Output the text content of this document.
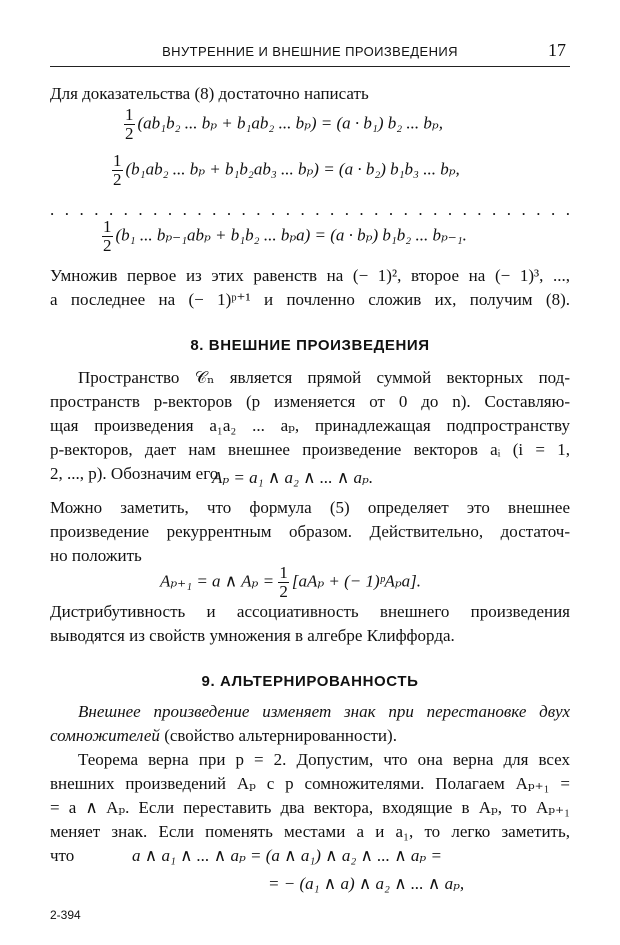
ВНУТРЕННИЕ И ВНЕШНИЕ ПРОИЗВЕДЕНИЯ	17
Для доказательства (8) достаточно написать
$\frac{1}{2} (ab_1b_2$ ... bₚ + b₁ab₂ ... bₚ) = (a · b₁) b₂ ... bₚ,
$\frac{1}{2} (b_1ab_2$ ... bₚ + b₁b₂ab₃ ... bₚ) = (a · b₂) b₁b₃ ... bₚ,
. . . . . . . . . . . . . . . . . . . . . . . . . . . . . . . . . . . .
$\frac{1}{2} (b_1$ ... bₚ₋₁abₚ + b₁b₂ ... bₚa) = (a · bₚ) b₁b₂ ... bₚ₋₁.
Умножив первое из этих равенств на (− 1)², второе на (− 1)³, ...,
а последнее на (− 1)ᵖ⁺¹ и почленно сложив их, получим (8).
8. ВНЕШНИЕ ПРОИЗВЕДЕНИЯ
Пространство 𝒞ₙ является прямой суммой векторных под-
пространств p-векторов (p изменяется от 0 до n). Составляю-
щая произведения a₁a₂ ... aₚ, принадлежащая подпространству
p-векторов, дает нам внешнее произведение векторов aᵢ (i = 1,
2, ..., p). Обозначим его
Aₚ = a₁ ∧ a₂ ∧ ... ∧ aₚ.
Можно заметить, что формула (5) определяет это внешнее
произведение рекуррентным образом. Действительно, достаточ-
но положить
Aₚ₊₁ = a ∧ $A_p = \frac{1}{2} [aA_p$ + (− 1)ᵖAₚa].
Дистрибутивность и ассоциативность внешнего произведения
выводятся из свойств умножения в алгебре Клиффорда.
9. АЛЬТЕРНИРОВАННОСТЬ
Внешнее произведение изменяет знак при перестановке двух
сомножителей (свойство альтернированности).
Теорема верна при p = 2. Допустим, что она верна для всех
внешних произведений Aₚ с p сомножителями. Полагаем Aₚ₊₁ =
= a ∧ Aₚ. Если переставить два вектора, входящие в Aₚ, то Aₚ₊₁
меняет знак. Если поменять местами a и a₁, то легко заметить,
что	a ∧ a₁ ∧ ... ∧ aₚ = (a ∧ a₁) ∧ a₂ ∧ ... ∧ aₚ =
= − (a₁ ∧ a) ∧ a₂ ∧ ... ∧ aₚ,
2-394
